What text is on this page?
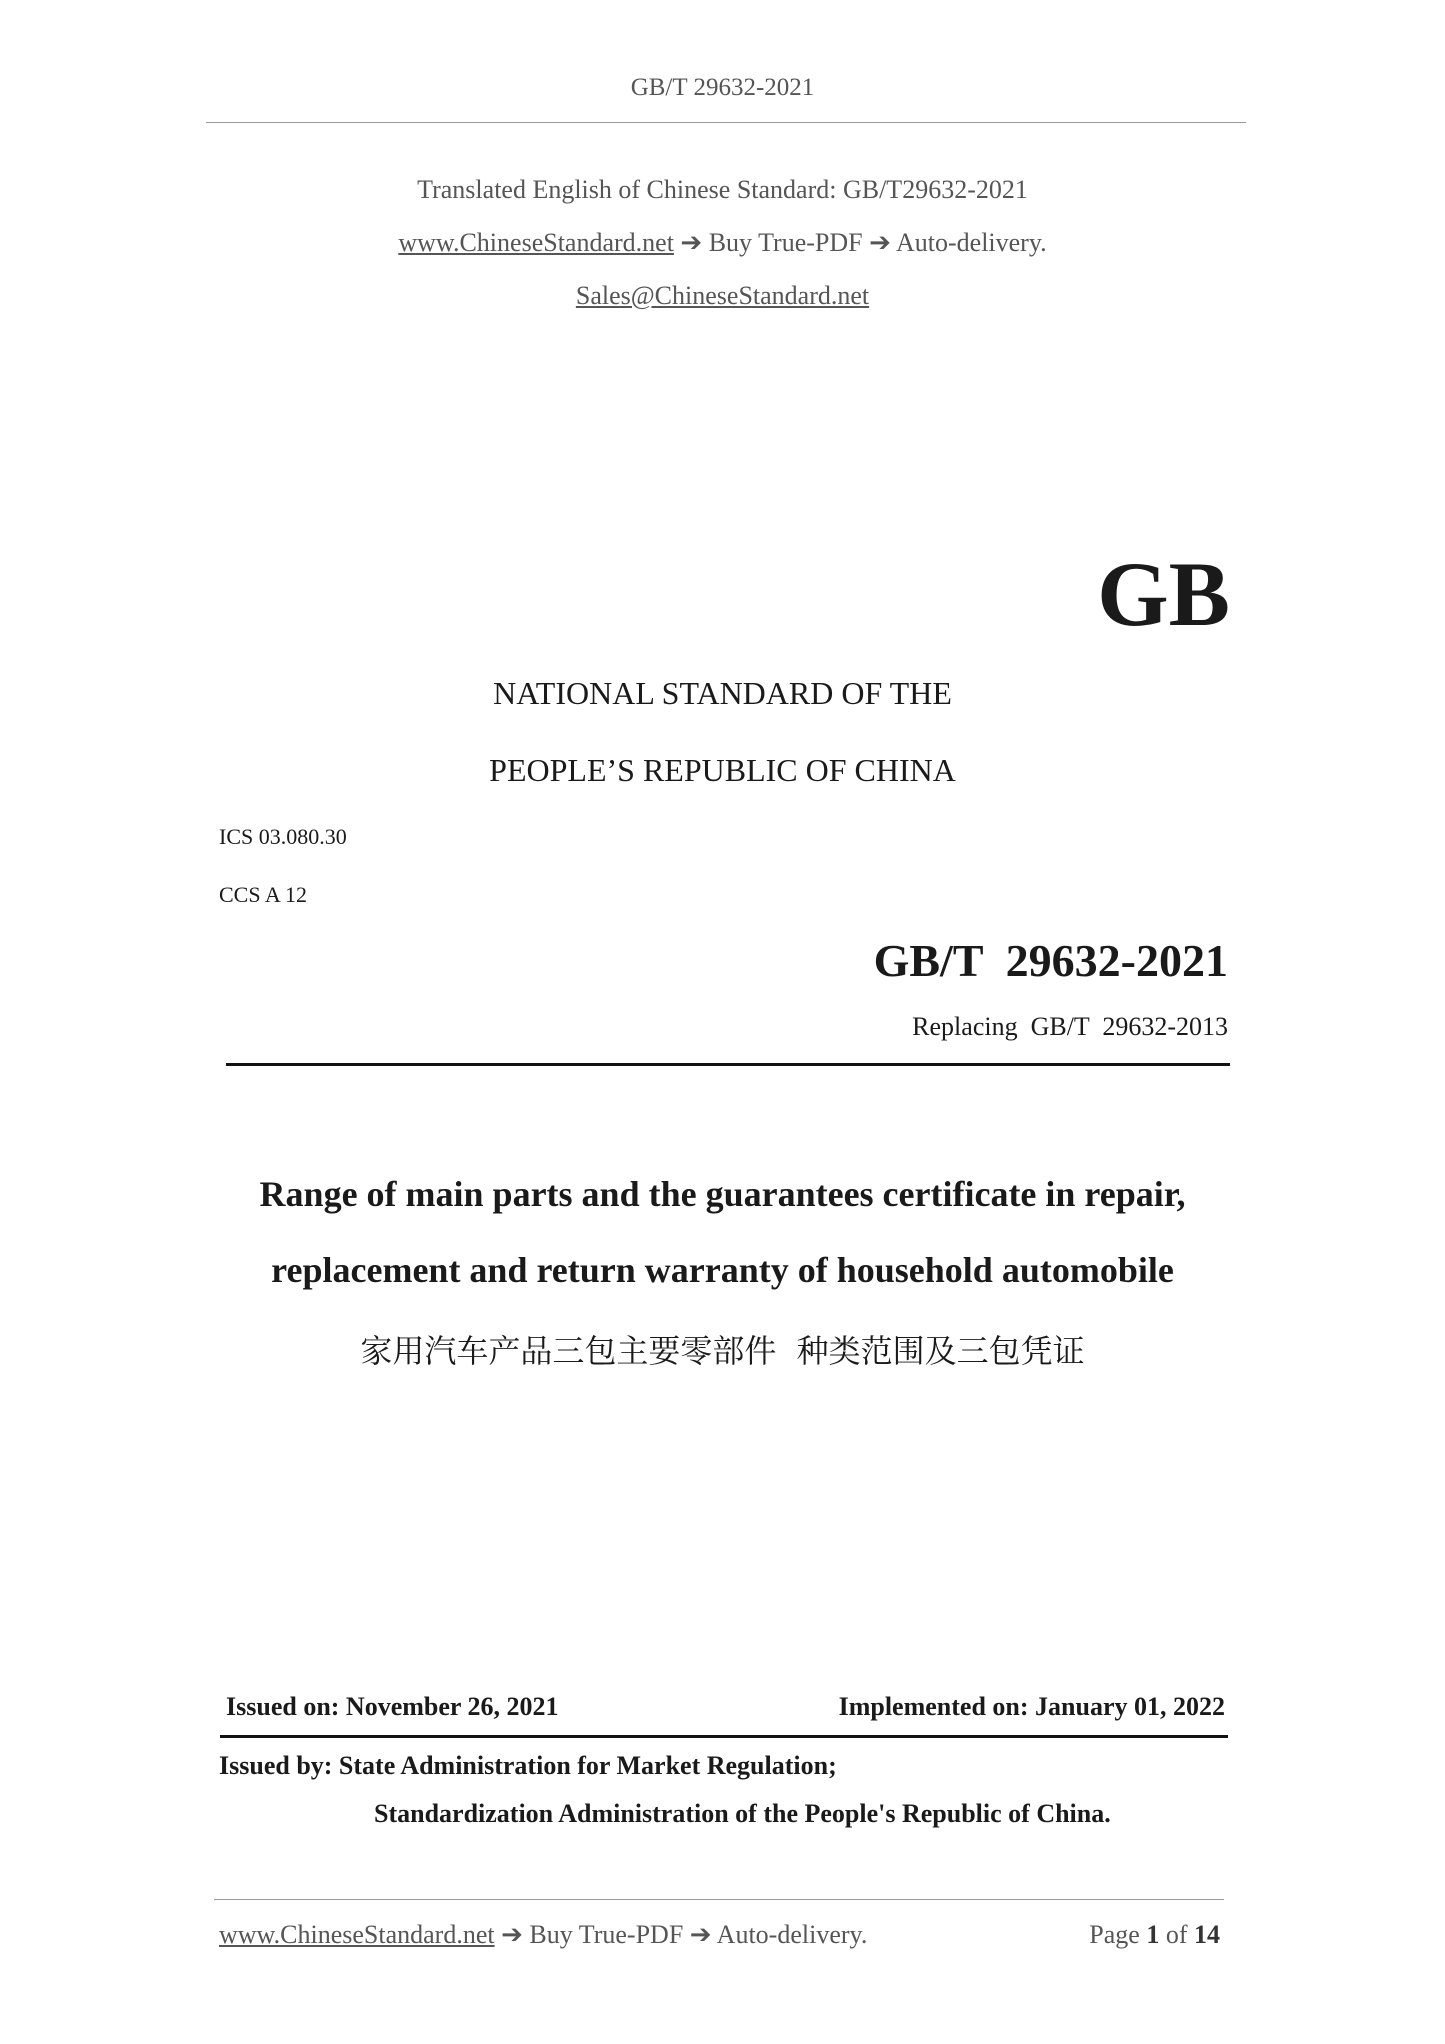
GB/T 29632-2021
Translated English of Chinese Standard: GB/T29632-2021
www.ChineseStandard.net ➔ Buy True-PDF ➔ Auto-delivery.
Sales@ChineseStandard.net
GB
NATIONAL STANDARD OF THE
PEOPLE’S REPUBLIC OF CHINA
ICS 03.080.30
CCS A 12
GB/T  29632-2021
Replacing  GB/T  29632-2013
Range of main parts and the guarantees certificate in repair,
replacement and return warranty of household automobile
家用汽车产品三包主要零部件  种类范围及三包凭证
Issued on: November 26, 2021	Implemented on: January 01, 2022
Issued by: State Administration for Market Regulation;
Standardization Administration of the People's Republic of China.
www.ChineseStandard.net ➔ Buy True-PDF ➔ Auto-delivery.	Page 1 of 14
